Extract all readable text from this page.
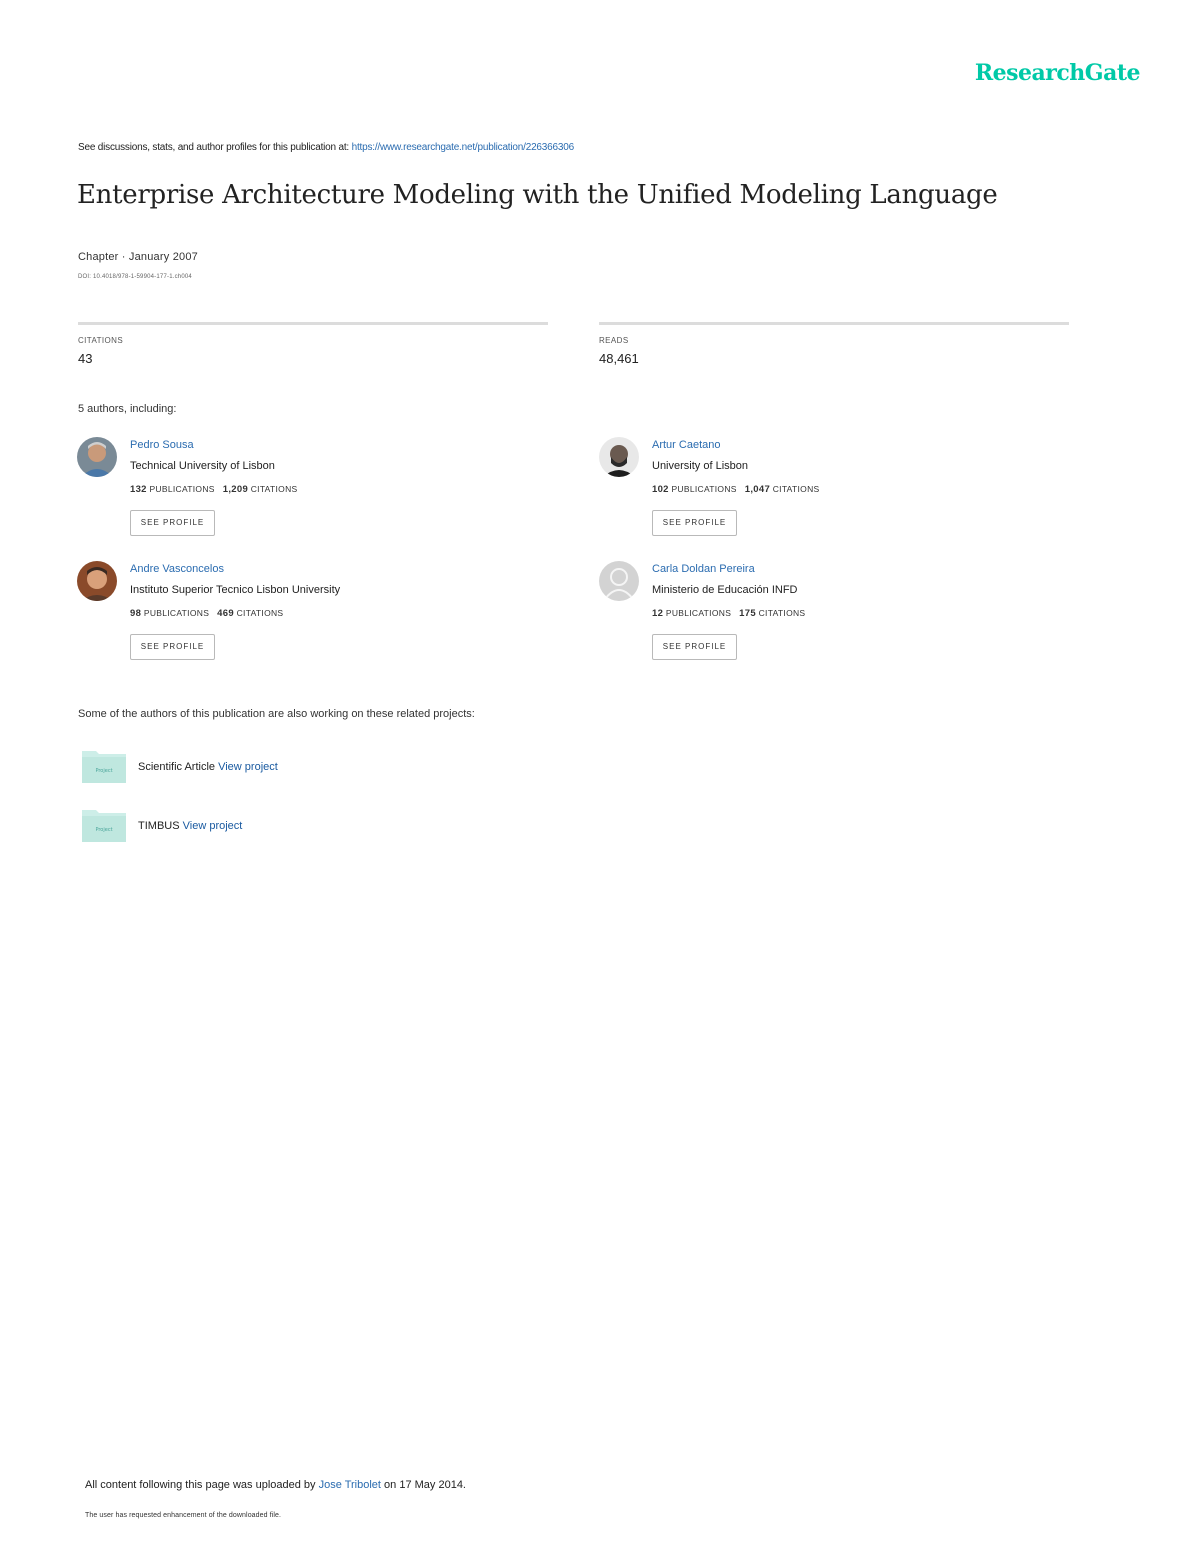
ResearchGate
See discussions, stats, and author profiles for this publication at: https://www.researchgate.net/publication/226366306
Enterprise Architecture Modeling with the Unified Modeling Language
Chapter · January 2007
DOI: 10.4018/978-1-59904-177-1.ch004
CITATIONS
43
READS
48,461
5 authors, including:
Pedro Sousa
Technical University of Lisbon
132 PUBLICATIONS 1,209 CITATIONS
SEE PROFILE
Artur Caetano
University of Lisbon
102 PUBLICATIONS 1,047 CITATIONS
SEE PROFILE
Andre Vasconcelos
Instituto Superior Tecnico Lisbon University
98 PUBLICATIONS 469 CITATIONS
SEE PROFILE
Carla Doldan Pereira
Ministerio de Educación INFD
12 PUBLICATIONS 175 CITATIONS
SEE PROFILE
Some of the authors of this publication are also working on these related projects:
Project Scientific Article View project
Project TIMBUS View project
All content following this page was uploaded by Jose Tribolet on 17 May 2014.
The user has requested enhancement of the downloaded file.
